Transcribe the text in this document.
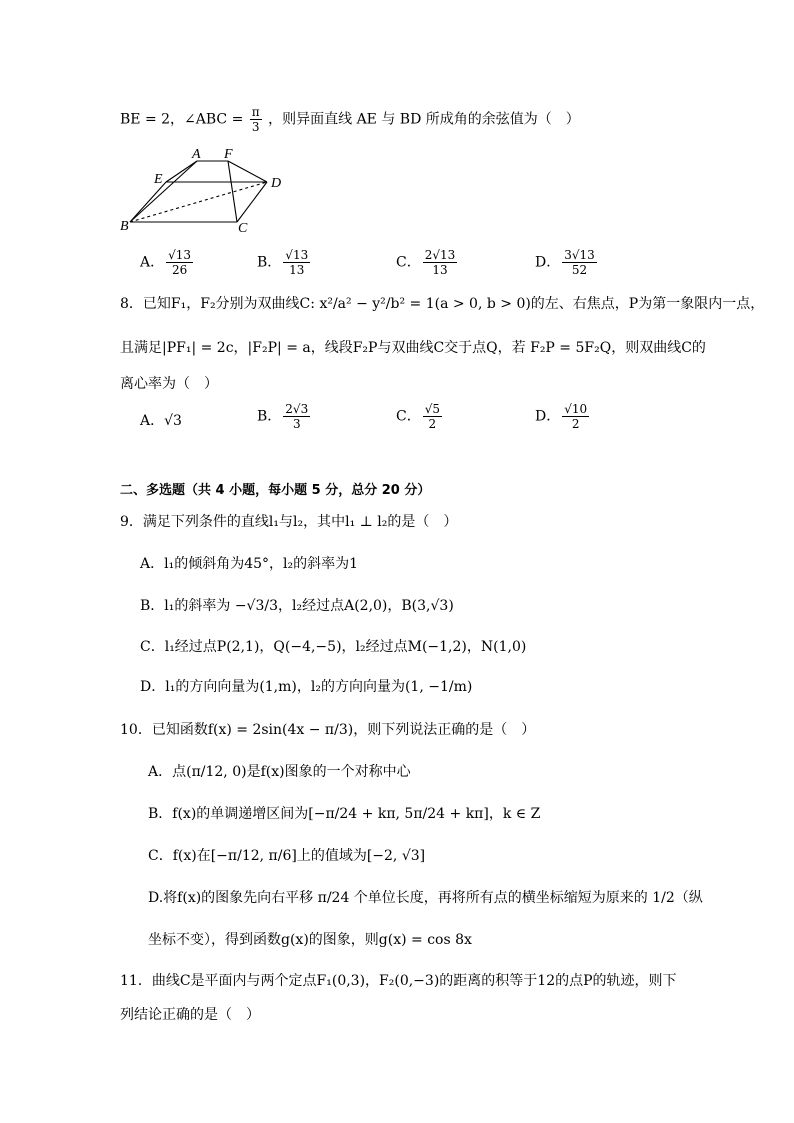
BE = 2，∠ABC = $\frac{\pi}{3}$ ，则异面直线 AE 与 BD 所成角的余弦值为（　）
A F
E	D
B	C
A． $\frac{√13}{26}$	B． $\frac{√13}{13}$	C． $\frac{2√13}{13}$	D． $\frac{3√13}{52}$
8．已知F₁，F₂分别为双曲线C: x²/a² − y²/b² = 1(a > 0, b > 0)的左、右焦点，P为第一象限内一点，
且满足|PF₁| = 2c，|F₂P| = a，线段F₂P与双曲线C交于点Q，若 F₂P = 5F₂Q，则双曲线C的
离心率为（　）
A．√3	B． $\frac{2√3}{3}$	C． $\frac{√5}{2}$	D． $\frac{√10}{2}$
二、多选题（共 4 小题，每小题 5 分，总分 20 分）
9．满足下列条件的直线l₁与l₂，其中l₁ ⊥ l₂的是（　）
A．l₁的倾斜角为45°，l₂的斜率为1
B．l₁的斜率为 −√3/3，l₂经过点A(2,0)，B(3,√3)
C．l₁经过点P(2,1)，Q(−4,−5)，l₂经过点M(−1,2)，N(1,0)
D．l₁的方向向量为(1,m)，l₂的方向向量为(1, −1/m)
10．已知函数f(x) = 2sin(4x − π/3)，则下列说法正确的是（　）
A．点(π/12, 0)是f(x)图象的一个对称中心
B．f(x)的单调递增区间为[−π/24 + kπ, 5π/24 + kπ]，k ∈ Z
C．f(x)在[−π/12, π/6]上的值域为[−2, √3]
D.将f(x)的图象先向右平移 π/24 个单位长度，再将所有点的横坐标缩短为原来的 1/2（纵
坐标不变），得到函数g(x)的图象，则g(x) = cos 8x
11．曲线C是平面内与两个定点F₁(0,3)，F₂(0,−3)的距离的积等于12的点P的轨迹，则下
列结论正确的是（　）
